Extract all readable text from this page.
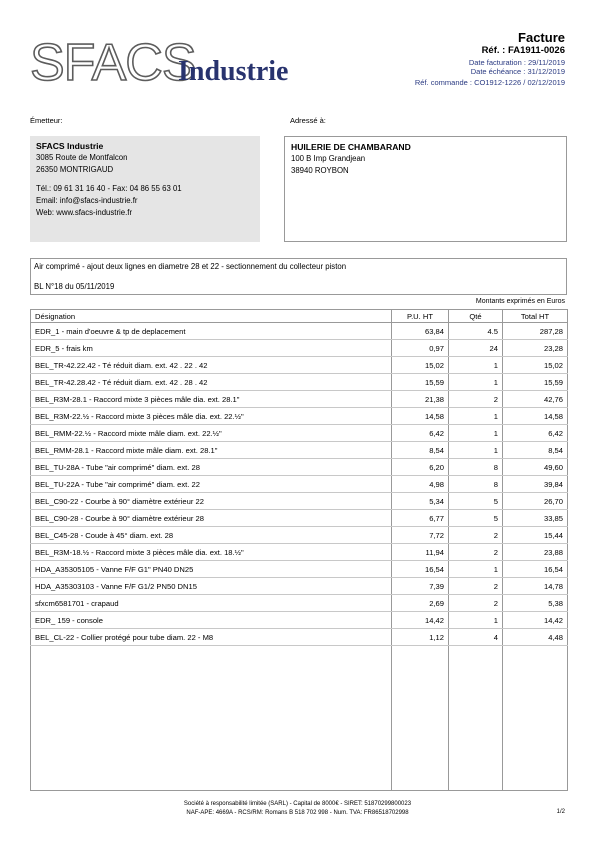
SFACS
Industrie
Facture
Réf. : FA1911-0026
Date facturation : 29/11/2019
Date échéance : 31/12/2019
Réf. commande : CO1912-1226 / 02/12/2019
Émetteur:	Adressé à:
SFACS Industrie
3085 Route de Montfalcon
26350 MONTRIGAUD
Tél.: 09 61 31 16 40 - Fax: 04 86 55 63 01
Email: info@sfacs-industrie.fr
Web: www.sfacs-industrie.fr
HUILERIE DE CHAMBARAND
100 B Imp Grandjean
38940 ROYBON
Air comprimé - ajout deux lignes en diametre 28 et 22 - sectionnement du collecteur piston
BL N°18 du 05/11/2019
Montants exprimés en Euros
Désignation	P.U. HT	Qté	Total HT
EDR_1 - main d'oeuvre & tp de deplacement	63,84	4.5	287,28
EDR_5 - frais km	0,97	24	23,28
BEL_TR-42.22.42 - Té réduit diam. ext. 42 . 22 . 42	15,02	1	15,02
BEL_TR-42.28.42 - Té réduit diam. ext. 42 . 28 . 42	15,59	1	15,59
BEL_R3M-28.1 - Raccord mixte 3 pièces mâle dia. ext. 28.1"	21,38	2	42,76
BEL_R3M-22.½ - Raccord mixte 3 pièces mâle dia. ext. 22.½"	14,58	1	14,58
BEL_RMM-22.½ - Raccord mixte mâle diam. ext. 22.½"	6,42	1	6,42
BEL_RMM-28.1 - Raccord mixte mâle diam. ext. 28.1"	8,54	1	8,54
BEL_TU-28A - Tube "air comprimé" diam. ext. 28	6,20	8	49,60
BEL_TU-22A - Tube "air comprimé" diam. ext. 22	4,98	8	39,84
BEL_C90-22 - Courbe à 90° diamètre extérieur 22	5,34	5	26,70
BEL_C90-28 - Courbe à 90° diamètre extérieur 28	6,77	5	33,85
BEL_C45-28 - Coude à 45° diam. ext. 28	7,72	2	15,44
BEL_R3M-18.½ - Raccord mixte 3 pièces mâle dia. ext. 18.½"	11,94	2	23,88
HDA_A35305105 - Vanne F/F G1" PN40 DN25	16,54	1	16,54
HDA_A35303103 - Vanne F/F G1/2 PN50 DN15	7,39	2	14,78
sfxcm6581701 - crapaud	2,69	2	5,38
EDR_ 159 - console	14,42	1	14,42
BEL_CL-22 - Collier protégé pour tube diam. 22 - M8	1,12	4	4,48

Société à responsabilité limitée (SARL) - Capital de 8000€ - SIRET: 51870299800023
NAF-APE: 4669A - RCS/RM: Romans B 518 702 998 - Num. TVA: FR86518702998	1/2
